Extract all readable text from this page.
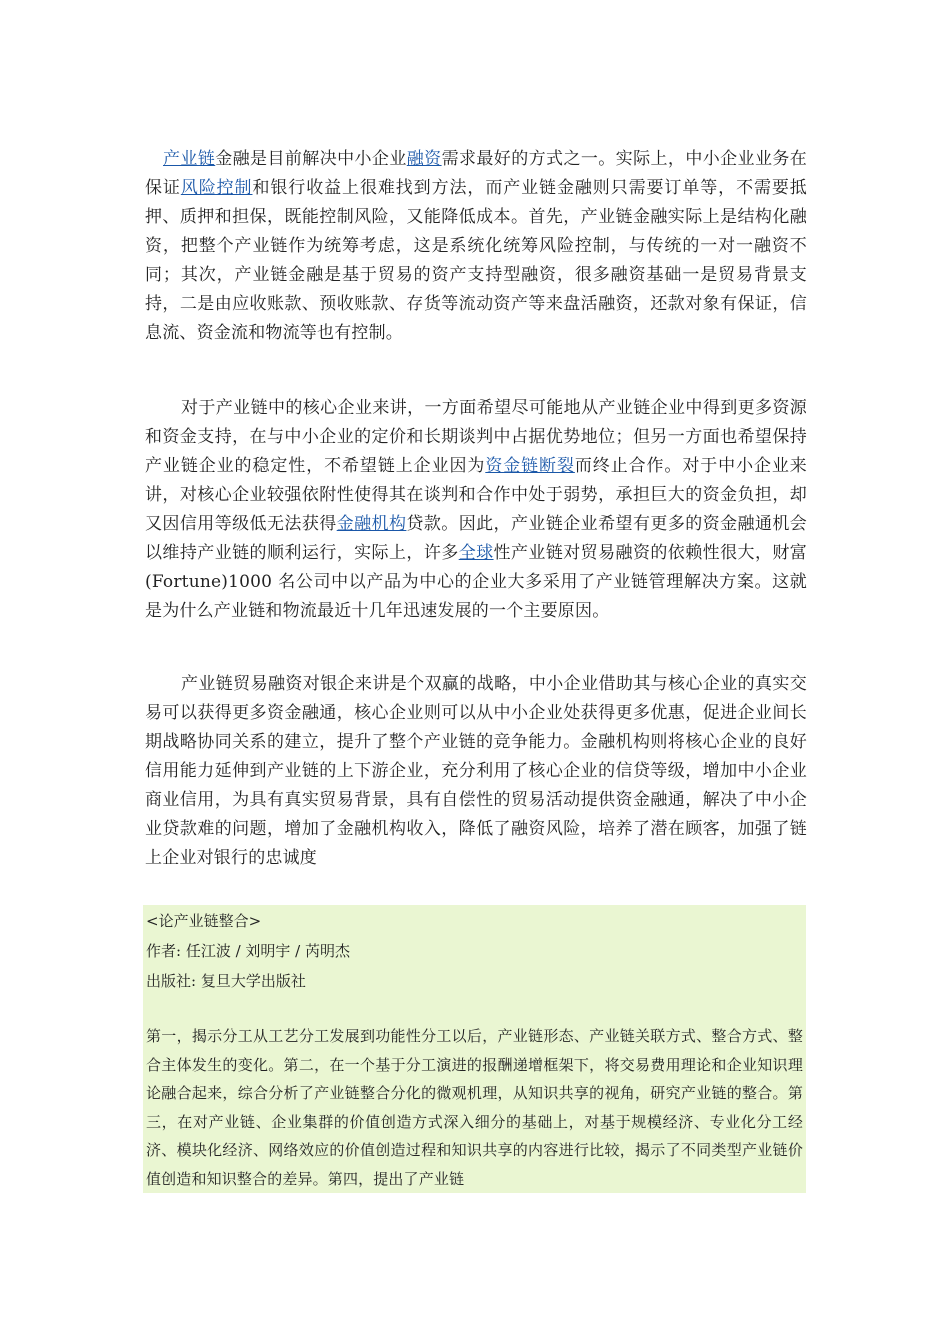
产业链金融是目前解决中小企业融资需求最好的方式之一。实际上，中小企业业务在保证风险控制和银行收益上很难找到方法，而产业链金融则只需要订单等，不需要抵押、质押和担保，既能控制风险，又能降低成本。首先，产业链金融实际上是结构化融资，把整个产业链作为统筹考虑，这是系统化统筹风险控制，与传统的一对一融资不同；其次，产业链金融是基于贸易的资产支持型融资，很多融资基础一是贸易背景支持，二是由应收账款、预收账款、存货等流动资产等来盘活融资，还款对象有保证，信息流、资金流和物流等也有控制。

对于产业链中的核心企业来讲，一方面希望尽可能地从产业链企业中得到更多资源和资金支持，在与中小企业的定价和长期谈判中占据优势地位；但另一方面也希望保持产业链企业的稳定性，不希望链上企业因为资金链断裂而终止合作。对于中小企业来讲，对核心企业较强依附性使得其在谈判和合作中处于弱势，承担巨大的资金负担，却又因信用等级低无法获得金融机构贷款。因此，产业链企业希望有更多的资金融通机会以维持产业链的顺利运行，实际上，许多全球性产业链对贸易融资的依赖性很大，财富(Fortune)1000 名公司中以产品为中心的企业大多采用了产业链管理解决方案。这就是为什么产业链和物流最近十几年迅速发展的一个主要原因。

产业链贸易融资对银企来讲是个双赢的战略，中小企业借助其与核心企业的真实交易可以获得更多资金融通，核心企业则可以从中小企业处获得更多优惠，促进企业间长期战略协同关系的建立，提升了整个产业链的竞争能力。金融机构则将核心企业的良好信用能力延伸到产业链的上下游企业，充分利用了核心企业的信贷等级，增加中小企业商业信用，为具有真实贸易背景，具有自偿性的贸易活动提供资金融通，解决了中小企业贷款难的问题，增加了金融机构收入，降低了融资风险，培养了潜在顾客，加强了链上企业对银行的忠诚度

<论产业链整合>

作者: 任江波 / 刘明宇 / 芮明杰

出版社: 复旦大学出版社

第一，揭示分工从工艺分工发展到功能性分工以后，产业链形态、产业链关联方式、整合方式、整合主体发生的变化。第二，在一个基于分工演进的报酬递增框架下，将交易费用理论和企业知识理论融合起来，综合分析了产业链整合分化的微观机理，从知识共享的视角，研究产业链的整合。第三，在对产业链、企业集群的价值创造方式深入细分的基础上，对基于规模经济、专业化分工经济、模块化经济、网络效应的价值创造过程和知识共享的内容进行比较，揭示了不同类型产业链价值创造和知识整合的差异。第四，提出了产业链
